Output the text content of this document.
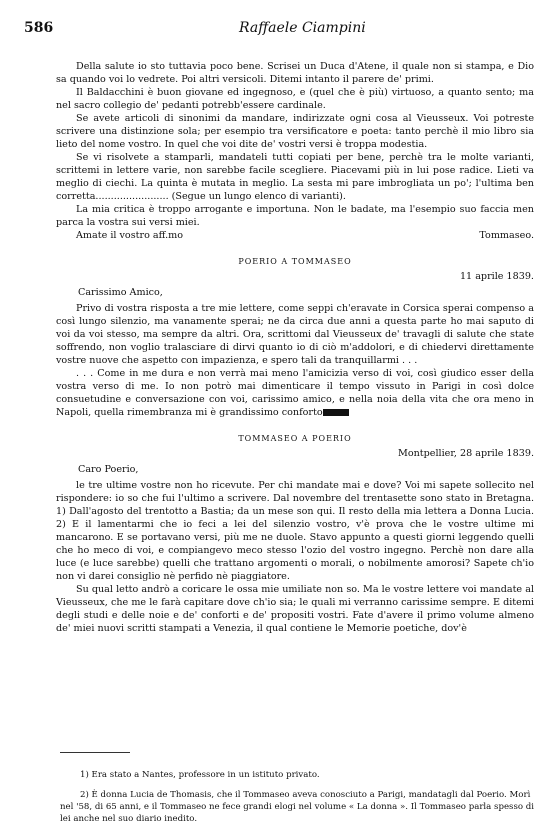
586	Raffaele Ciampini

Della salute io sto tuttavia poco bene. Scrisei un Duca d'Atene, il quale non si stampa, e Dio sa quando voi lo vedrete. Poi altri versicoli. Ditemi intanto il parere de' primi.

Il Baldacchini è buon giovane ed ingegnoso, e (quel che è più) virtuoso, a quanto sento; ma nel sacro collegio de' pedanti potrebb'essere cardinale.

Se avete articoli di sinonimi da mandare, indirizzate ogni cosa al Vieusseux. Voi potreste scrivere una distinzione sola; per esempio tra versificatore e poeta: tanto perchè il mio libro sia lieto del nome vostro. In quel che voi dite de' vostri versi è troppa modestia.

Se vi risolvete a stamparli, mandateli tutti copiati per bene, perchè tra le molte varianti, scrittemi in lettere varie, non sarebbe facile scegliere. Piacevami più in lui pose radice. Lieti va meglio di ciechi. La quinta è mutata in meglio. La sesta mi pare imbrogliata un po'; l'ultima ben corretta........................ (Segue un lungo elenco di varianti).

La mia critica è troppo arrogante e importuna. Non le badate, ma l'esempio suo faccia men parca la vostra sui versi miei.

Amate il vostro aff.mo	Tommaseo.
POERIO A TOMMASEO
11 aprile 1839.
Carissimo Amico,

Privo di vostra risposta a tre mie lettere, come seppi ch'eravate in Corsica sperai compenso a così lungo silenzio, ma vanamente sperai; ne da circa due anni a questa parte ho mai saputo di voi da voi stesso, ma sempre da altri. Ora, scrittomi dal Vieusseux de' travagli di salute che state soffrendo, non voglio tralasciare di dirvi quanto io di ciò m'addolori, e di chiedervi direttamente vostre nuove che aspetto con impazienza, e spero tali da tranquillarmi . . .

. . . Come in me dura e non verrà mai meno l'amicizia verso di voi, così giudico esser della vostra verso di me. Io non potrò mai dimenticare il tempo vissuto in Parigi in così dolce consuetudine e conversazione con voi, carissimo amico, e nella noia della vita che ora meno in Napoli, quella rimembranza mi è grandissimo conforto

TOMMASEO A POERIO
Montpellier, 28 aprile 1839.
Caro Poerio,

le tre ultime vostre non ho ricevute. Per chi mandate mai e dove? Voi mi sapete sollecito nel rispondere: io so che fui l'ultimo a scrivere. Dal novembre del trentasette sono stato in Bretagna. 1) Dall'agosto del trentotto a Bastia; da un mese son qui. Il resto della mia lettera a Donna Lucia. 2) E il lamentarmi che io feci a lei del silenzio vostro, v'è prova che le vostre ultime mi mancarono. E se portavano versi, più me ne duole. Stavo appunto a questi giorni leggendo quelli che ho meco di voi, e compiangevo meco stesso l'ozio del vostro ingegno. Perchè non dare alla luce (e luce sarebbe) quelli che trattano argomenti o morali, o nobilmente amorosi? Sapete ch'io non vi darei consiglio nè perfido nè piaggiatore.

Su qual letto andrò a coricare le ossa mie umiliate non so. Ma le vostre lettere voi mandate al Vieusseux, che me le farà capitare dove ch'io sia; le quali mi verranno carissime sempre. E ditemi degli studi e delle noie e de' conforti e de' propositi vostri. Fate d'avere il primo volume almeno de' miei nuovi scritti stampati a Venezia, il qual contiene le Memorie poetiche, dov'è

1) Era stato a Nantes, professore in un istituto privato.

2) È donna Lucia de Thomasis, che il Tommaseo aveva conosciuto a Parigi, mandatagli dal Poerio. Morì nel '58, di 65 anni, e il Tommaseo ne fece grandi elogi nel volume « La donna ». Il Tommaseo parla spesso di lei anche nel suo diario inedito.
